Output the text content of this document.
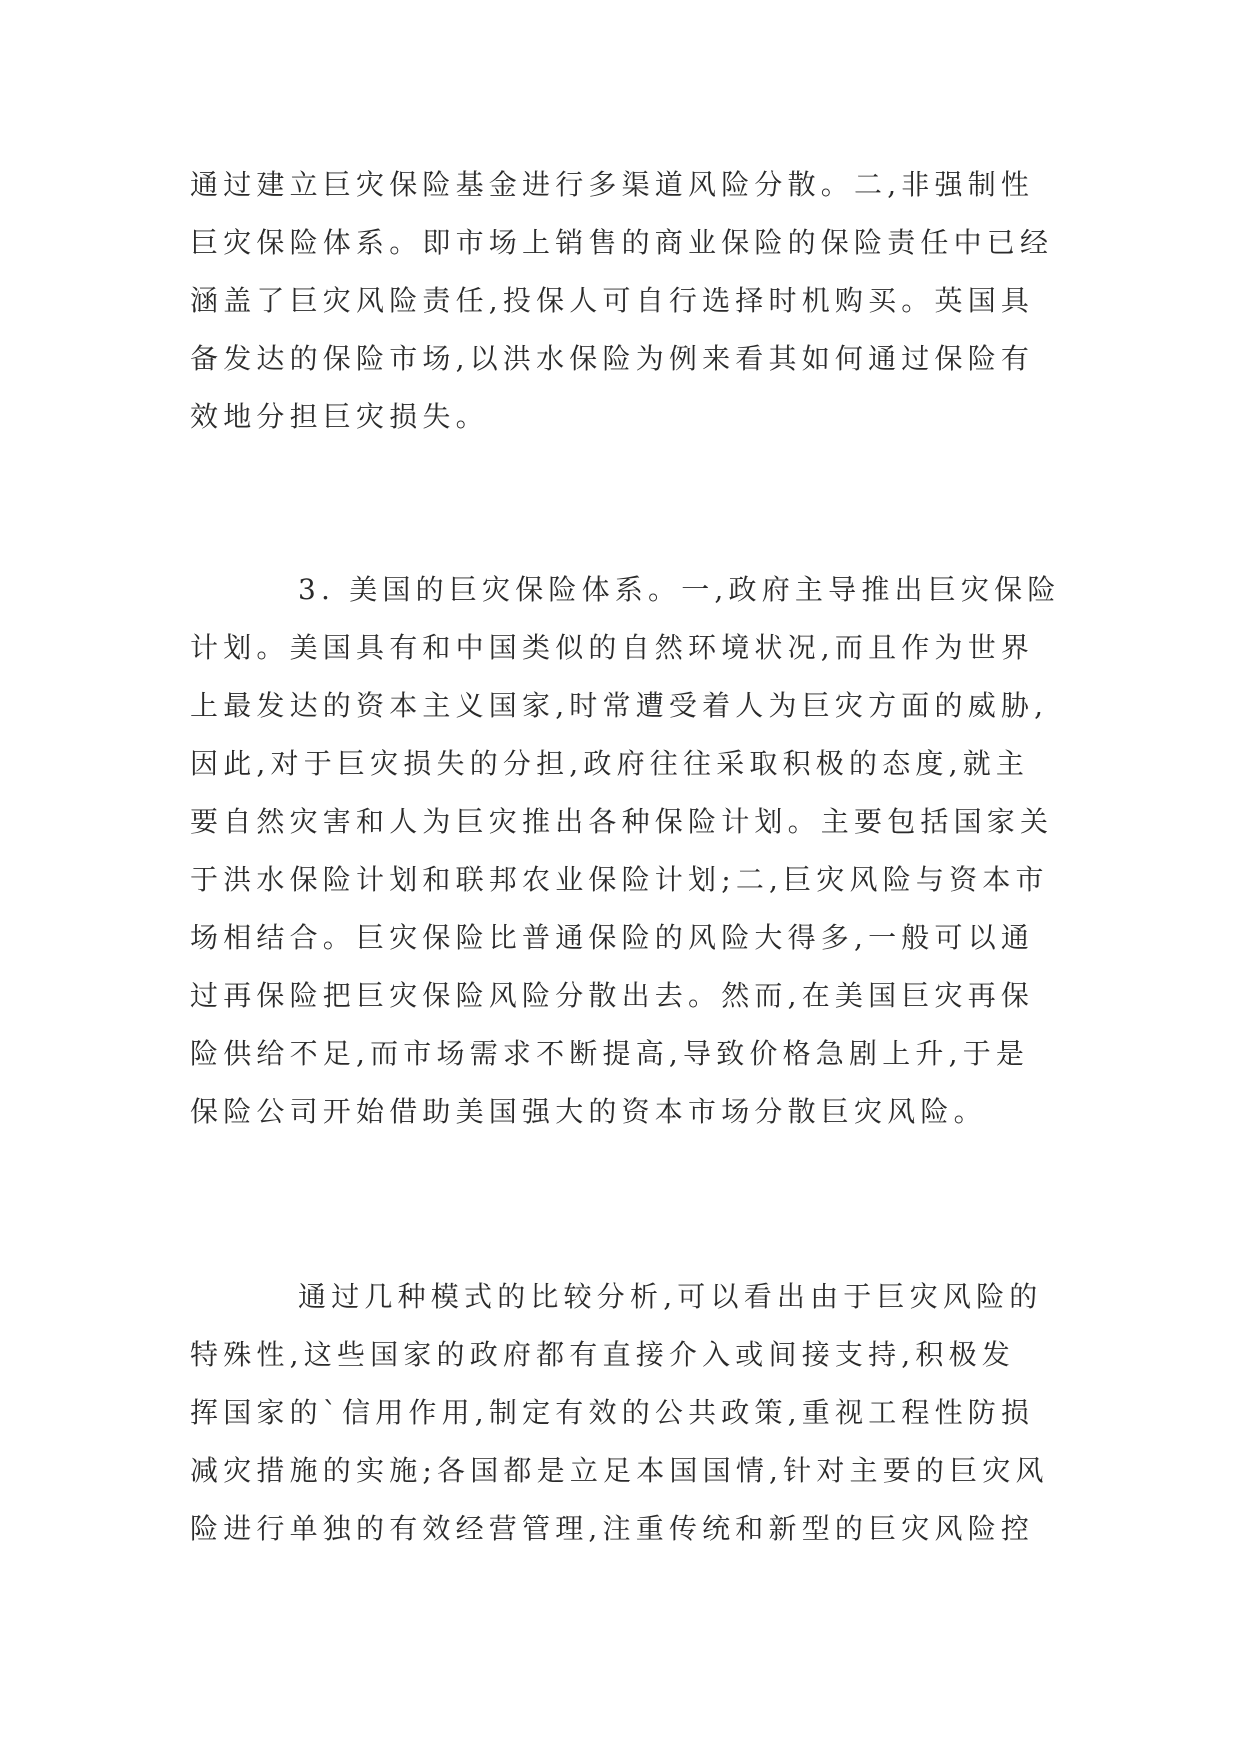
通过建立巨灾保险基金进行多渠道风险分散。二,非强制性
巨灾保险体系。即市场上销售的商业保险的保险责任中已经
涵盖了巨灾风险责任,投保人可自行选择时机购买。英国具
备发达的保险市场,以洪水保险为例来看其如何通过保险有
效地分担巨灾损失。
3. 美国的巨灾保险体系。一,政府主导推出巨灾保险
计划。美国具有和中国类似的自然环境状况,而且作为世界
上最发达的资本主义国家,时常遭受着人为巨灾方面的威胁,
因此,对于巨灾损失的分担,政府往往采取积极的态度,就主
要自然灾害和人为巨灾推出各种保险计划。主要包括国家关
于洪水保险计划和联邦农业保险计划;二,巨灾风险与资本市
场相结合。巨灾保险比普通保险的风险大得多,一般可以通
过再保险把巨灾保险风险分散出去。然而,在美国巨灾再保
险供给不足,而市场需求不断提高,导致价格急剧上升,于是
保险公司开始借助美国强大的资本市场分散巨灾风险。
通过几种模式的比较分析,可以看出由于巨灾风险的
特殊性,这些国家的政府都有直接介入或间接支持,积极发
挥国家的`信用作用,制定有效的公共政策,重视工程性防损
减灾措施的实施;各国都是立足本国国情,针对主要的巨灾风
险进行单独的有效经营管理,注重传统和新型的巨灾风险控
